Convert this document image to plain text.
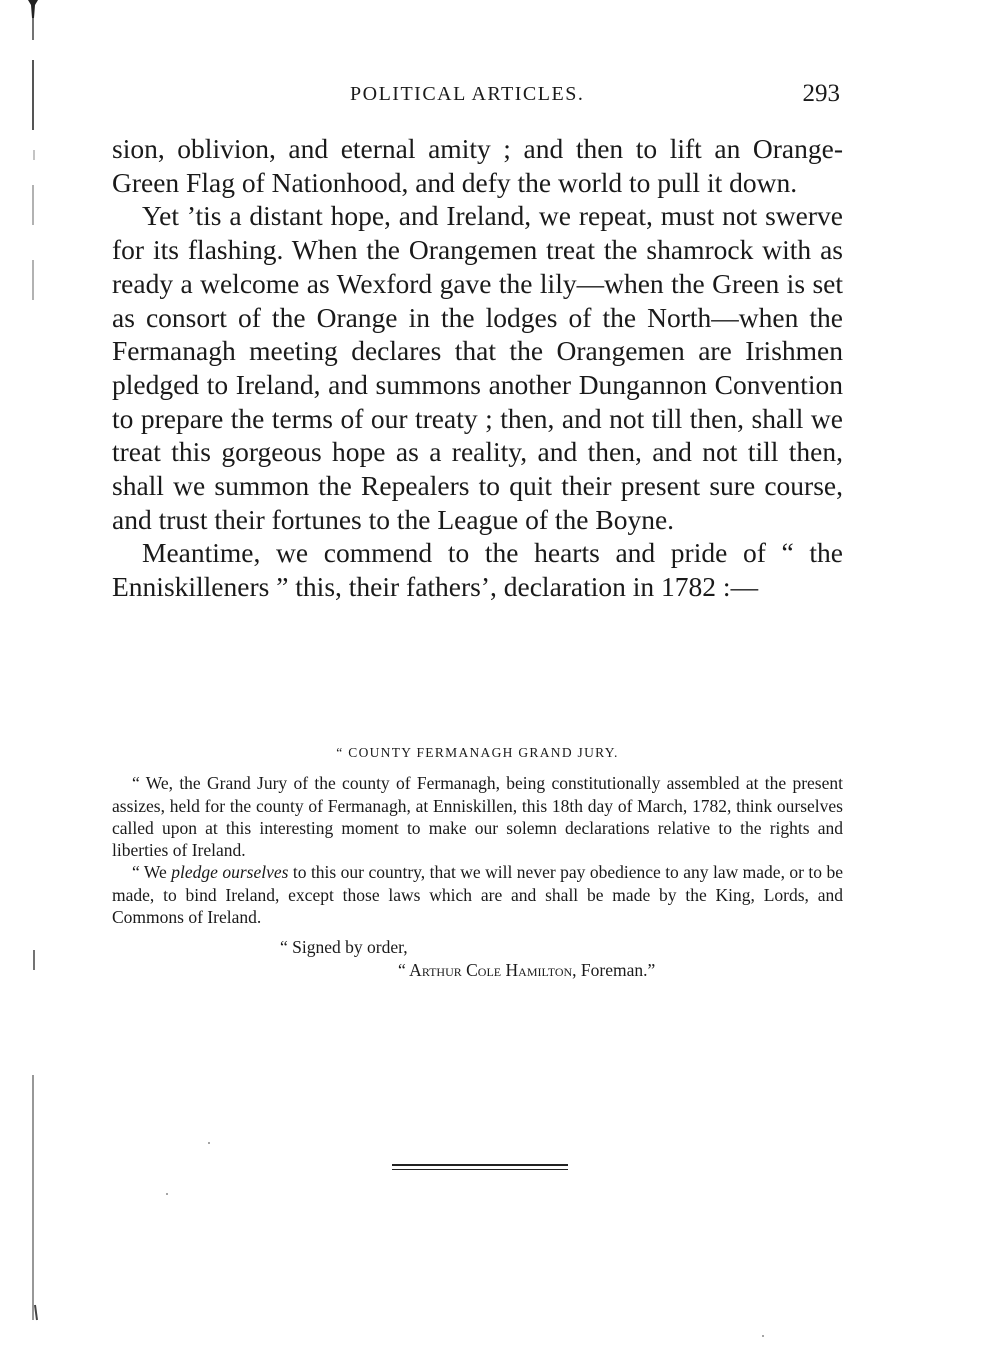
POLITICAL ARTICLES.	293

sion, oblivion, and eternal amity ; and then to lift an Orange-Green Flag of Nationhood, and defy the world to pull it down.

Yet ’tis a distant hope, and Ireland, we repeat, must not swerve for its flashing. When the Orangemen treat the shamrock with as ready a welcome as Wexford gave the lily—when the Green is set as consort of the Orange in the lodges of the North—when the Fermanagh meeting declares that the Orangemen are Irishmen pledged to Ireland, and summons another Dungannon Convention to prepare the terms of our treaty ; then, and not till then, shall we treat this gorgeous hope as a reality, and then, and not till then, shall we summon the Repealers to quit their present sure course, and trust their fortunes to the League of the Boyne.

Meantime, we commend to the hearts and pride of “ the Enniskilleners ” this, their fathers’, declaration in 1782 :—

“ COUNTY FERMANAGH GRAND JURY.

“ We, the Grand Jury of the county of Fermanagh, being constitutionally assembled at the present assizes, held for the county of Fermanagh, at Enniskillen, this 18th day of March, 1782, think ourselves called upon at this interesting moment to make our solemn declarations relative to the rights and liberties of Ireland.

“ We pledge ourselves to this our country, that we will never pay obedience to any law made, or to be made, to bind Ireland, except those laws which are and shall be made by the King, Lords, and Commons of Ireland.

“ Signed by order,
“ Arthur Cole Hamilton, Foreman.”
